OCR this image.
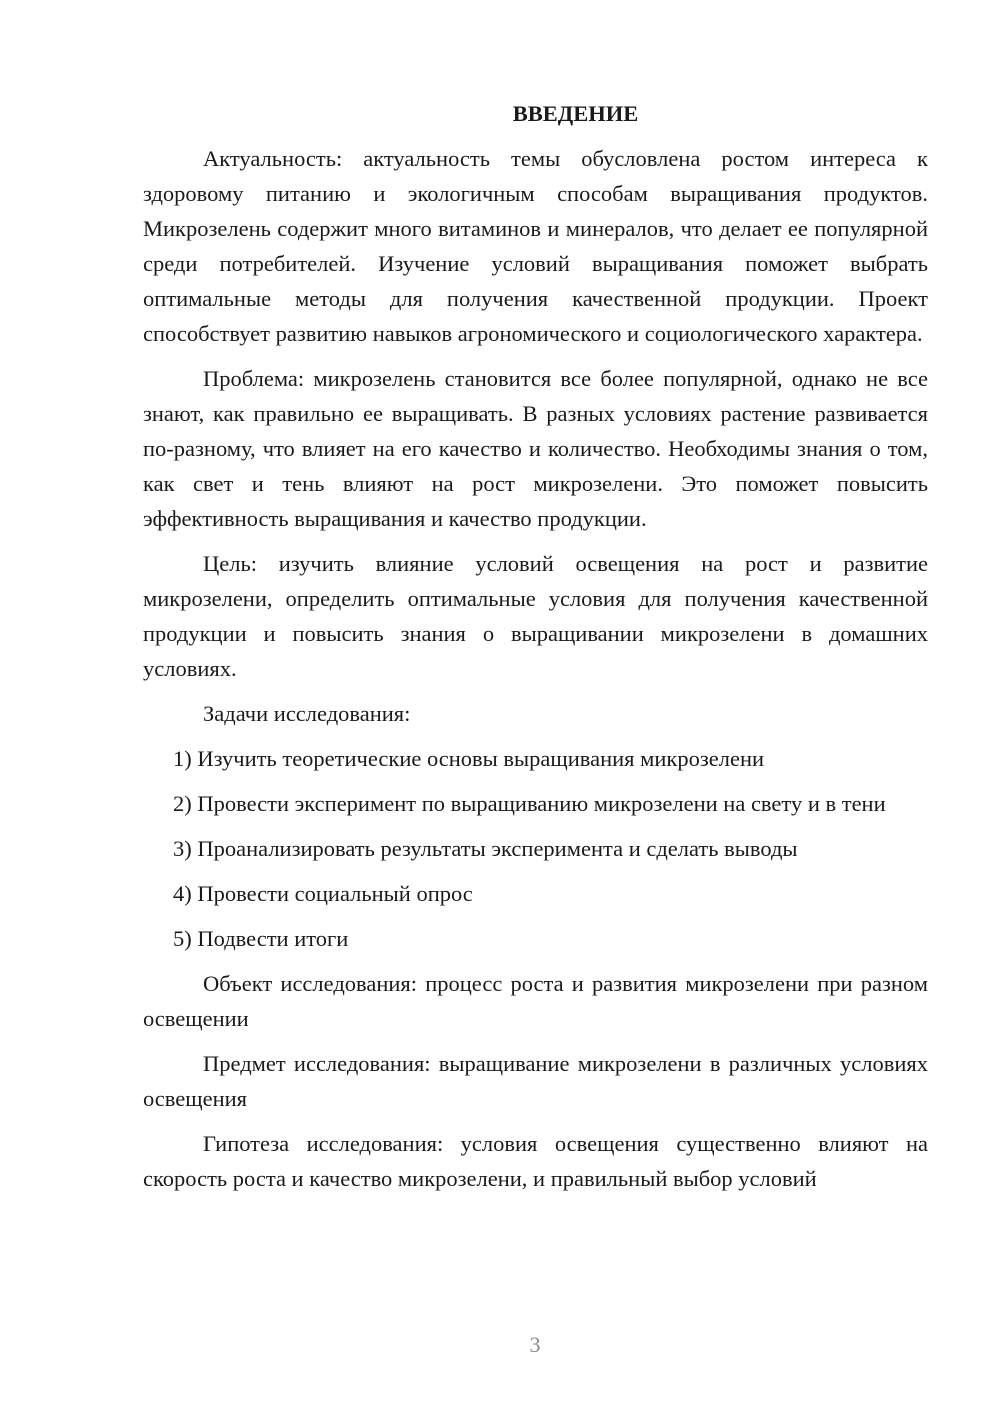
ВВЕДЕНИЕ

Актуальность: актуальность темы обусловлена ростом интереса к здоровому питанию и экологичным способам выращивания продуктов. Микрозелень содержит много витаминов и минералов, что делает ее популярной среди потребителей. Изучение условий выращивания поможет выбрать оптимальные методы для получения качественной продукции. Проект способствует развитию навыков агрономического и социологического характера.

Проблема: микрозелень становится все более популярной, однако не все знают, как правильно ее выращивать. В разных условиях растение развивается по-разному, что влияет на его качество и количество. Необходимы знания о том, как свет и тень влияют на рост микрозелени. Это поможет повысить эффективность выращивания и качество продукции.

Цель: изучить влияние условий освещения на рост и развитие микрозелени, определить оптимальные условия для получения качественной продукции и повысить знания о выращивании микрозелени в домашних условиях.

Задачи исследования:

1) Изучить теоретические основы выращивания микрозелени

2) Провести эксперимент по выращиванию микрозелени на свету и в тени

3) Проанализировать результаты эксперимента и сделать выводы

4) Провести социальный опрос

5) Подвести итоги

Объект исследования: процесс роста и развития микрозелени при разном освещении

Предмет исследования: выращивание микрозелени в различных условиях освещения

Гипотеза исследования: условия освещения существенно влияют на скорость роста и качество микрозелени, и правильный выбор условий

3
